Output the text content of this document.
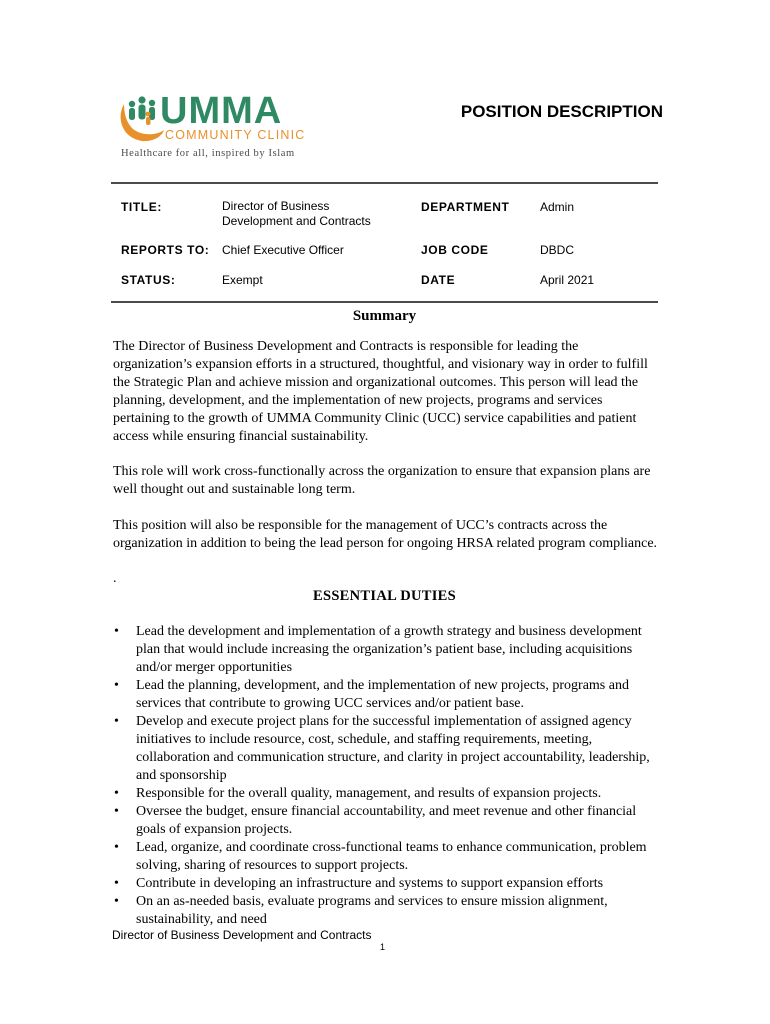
UMMA
COMMUNITY CLINIC
Healthcare for all, inspired by Islam
POSITION DESCRIPTION
TITLE:	Director of Business
Development and Contracts
DEPARTMENT	Admin
REPORTS TO: Chief Executive Officer	JOB CODE	DBDC
STATUS:	Exempt	DATE	April 2021
Summary
The Director of Business Development and Contracts is responsible for leading the organization’s expansion efforts in a structured, thoughtful, and visionary way in order to fulfill the Strategic Plan and achieve mission and organizational outcomes. This person will lead the planning, development, and the implementation of new projects, programs and services pertaining to the growth of UMMA Community Clinic (UCC) service capabilities and patient access while ensuring financial sustainability.
This role will work cross-functionally across the organization to ensure that expansion plans are well thought out and sustainable long term.
This position will also be responsible for the management of UCC’s contracts across the organization in addition to being the lead person for ongoing HRSA related program compliance.
.
ESSENTIAL DUTIES
• Lead the development and implementation of a growth strategy and business development plan that would include increasing the organization’s patient base, including acquisitions and/or merger opportunities
• Lead the planning, development, and the implementation of new projects, programs and services that contribute to growing UCC services and/or patient base.
• Develop and execute project plans for the successful implementation of assigned agency initiatives to include resource, cost, schedule, and staffing requirements, meeting, collaboration and communication structure, and clarity in project accountability, leadership, and sponsorship
• Responsible for the overall quality, management, and results of expansion projects.
• Oversee the budget, ensure financial accountability, and meet revenue and other financial goals of expansion projects.
• Lead, organize, and coordinate cross-functional teams to enhance communication, problem solving, sharing of resources to support projects.
• Contribute in developing an infrastructure and systems to support expansion efforts
• On an as-needed basis, evaluate programs and services to ensure mission alignment, sustainability, and need
Director of Business Development and Contracts
1
